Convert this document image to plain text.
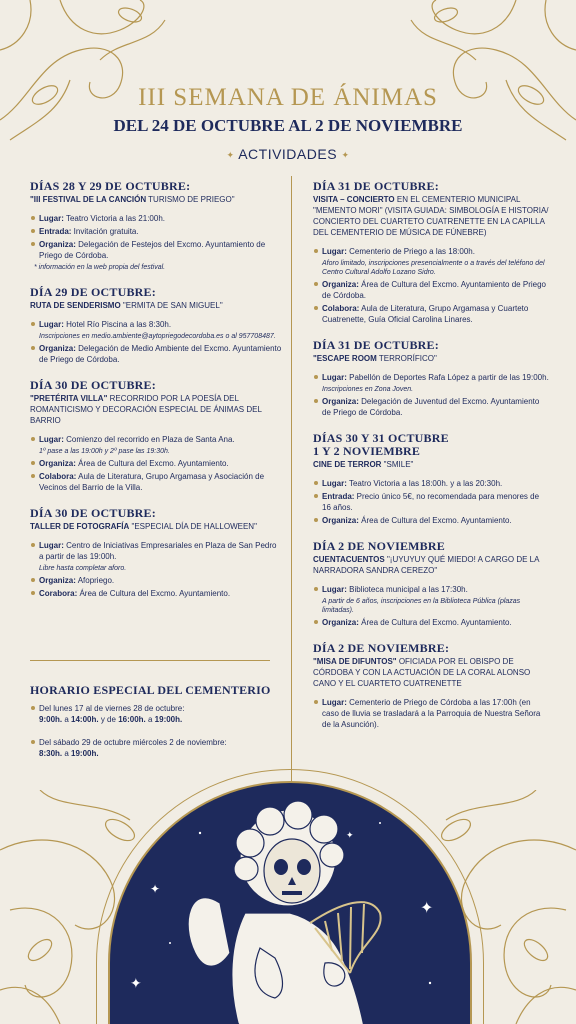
III SEMANA DE ÁNIMAS
DEL 24 DE OCTUBRE AL 2 DE NOVIEMBRE
✦ ACTIVIDADES ✦
DÍAS 28 Y 29 DE OCTUBRE:
"III FESTIVAL DE LA CANCIÓN TURISMO DE PRIEGO"
Lugar: Teatro Victoria a las 21:00h.
Entrada: Invitación gratuita.
Organiza: Delegación de Festejos del Excmo. Ayuntamiento de Priego de Córdoba.
* información en la web propia del festival.
DÍA 29 DE OCTUBRE:
RUTA DE SENDERISMO "ERMITA DE SAN MIGUEL"
Lugar: Hotel Río Piscina a las 8:30h.
Inscripciones en medio.ambiente@aytopriegodecordoba.es o al 957708487.
Organiza: Delegación de Medio Ambiente del Excmo. Ayuntamiento de Priego de Córdoba.
DÍA 30 DE OCTUBRE:
"PRETÉRITA VILLA" RECORRIDO POR LA POESÍA DEL ROMANTICISMO Y DECORACIÓN ESPECIAL DE ÁNIMAS DEL BARRIO
Lugar: Comienzo del recorrido en Plaza de Santa Ana.
1º pase a las 19:00h y 2º pase las 19:30h.
Organiza: Área de Cultura del Excmo. Ayuntamiento.
Colabora: Aula de Literatura, Grupo Argamasa y Asociación de Vecinos del Barrio de la Villa.
DÍA 30 DE OCTUBRE:
TALLER DE FOTOGRAFÍA "ESPECIAL DÍA DE HALLOWEEN"
Lugar: Centro de Iniciativas Empresariales en Plaza de San Pedro a partir de las 19:00h.
Libre hasta completar aforo.
Organiza: Afopriego.
Corabora: Área de Cultura del Excmo. Ayuntamiento.
HORARIO ESPECIAL DEL CEMENTERIO
Del lunes 17 al de viernes 28 de octubre:
9:00h. a 14:00h. y de 16:00h. a 19:00h.
Del sábado 29 de octubre miércoles 2 de noviembre:
8:30h. a 19:00h.
DÍA 31 DE OCTUBRE:
VISITA – CONCIERTO EN EL CEMENTERIO MUNICIPAL "MEMENTO MORI" (VISITA GUIADA: SIMBOLOGÍA E HISTORIA/ CONCIERTO DEL CUARTETO CUATRENETTE EN LA CAPILLA DEL CEMENTERIO DE MÚSICA DE FÚNEBRE)
Lugar: Cementerio de Priego a las 18:00h.
Aforo limitado, inscripciones presencialmente o a través del teléfono del Centro Cultural Adolfo Lozano Sidro.
Organiza: Área de Cultura del Excmo. Ayuntamiento de Priego de Córdoba.
Colabora: Aula de Literatura, Grupo Argamasa y Cuarteto Cuatrenette, Guía Oficial Carolina Linares.
DÍA 31 DE OCTUBRE:
"ESCAPE ROOM TERRORÍFICO"
Lugar: Pabellón de Deportes Rafa López a partir de las 19:00h.
Inscripciones en Zona Joven.
Organiza: Delegación de Juventud del Excmo. Ayuntamiento de Priego de Córdoba.
DÍAS 30 Y 31 OCTUBRE
1 Y 2 NOVIEMBRE
CINE DE TERROR "SMILE"
Lugar: Teatro Victoria a las 18:00h. y a las 20:30h.
Entrada: Precio único 5€, no recomendada para menores de 16 años.
Organiza: Área de Cultura del Excmo. Ayuntamiento.
DÍA 2 DE NOVIEMBRE
CUENTACUENTOS "¡UYUYUY QUÉ MIEDO! A CARGO DE LA NARRADORA SANDRA CEREZO"
Lugar: Biblioteca municipal a las 17:30h.
A partir de 6 años, inscripciones en la Biblioteca Pública (plazas limitadas).
Organiza: Área de Cultura del Excmo. Ayuntamiento.
DÍA 2 DE NOVIEMBRE:
"MISA DE DIFUNTOS" OFICIADA POR EL OBISPO DE CÓRDOBA Y CON LA ACTUACIÓN DE LA CORAL ALONSO CANO Y EL CUARTETO CUATRENETTE
Lugar: Cementerio de Priego de Córdoba a las 17:00h (en caso de lluvia se trasladará a la Parroquia de Nuestra Señora de la Asunción).
✦
✦
✦
✦
✦
